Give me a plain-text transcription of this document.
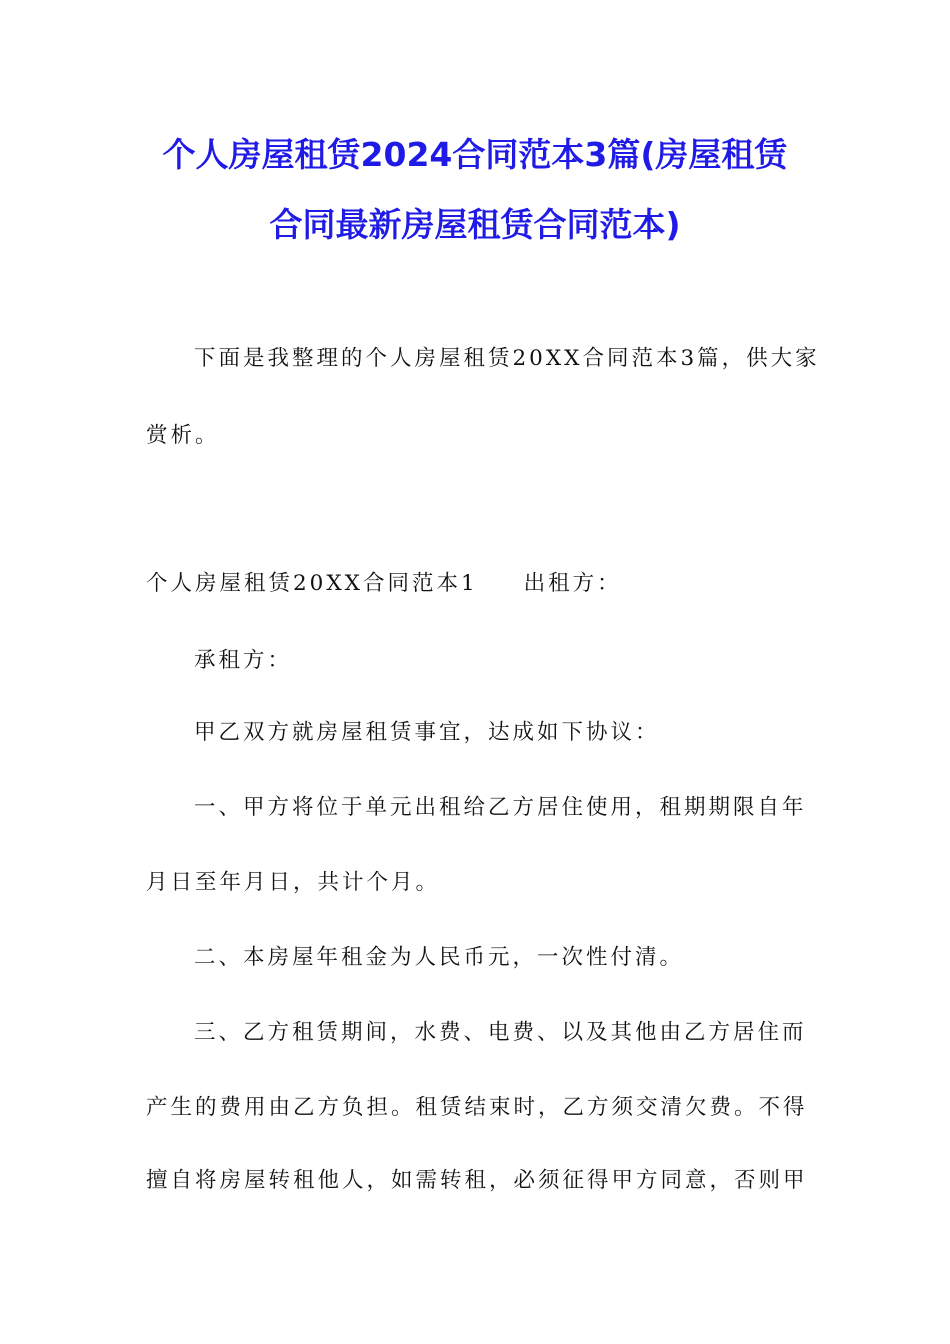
个人房屋租赁2024合同范本3篇(房屋租赁
合同最新房屋租赁合同范本)
下面是我整理的个人房屋租赁20XX合同范本3篇，供大家
赏析。
个人房屋租赁20XX合同范本1 出租方：
承租方：
甲乙双方就房屋租赁事宜，达成如下协议：
一、甲方将位于单元出租给乙方居住使用，租期期限自年
月日至年月日，共计个月。
二、本房屋年租金为人民币元，一次性付清。
三、乙方租赁期间，水费、电费、以及其他由乙方居住而
产生的费用由乙方负担。租赁结束时，乙方须交清欠费。不得
擅自将房屋转租他人，如需转租，必须征得甲方同意，否则甲
